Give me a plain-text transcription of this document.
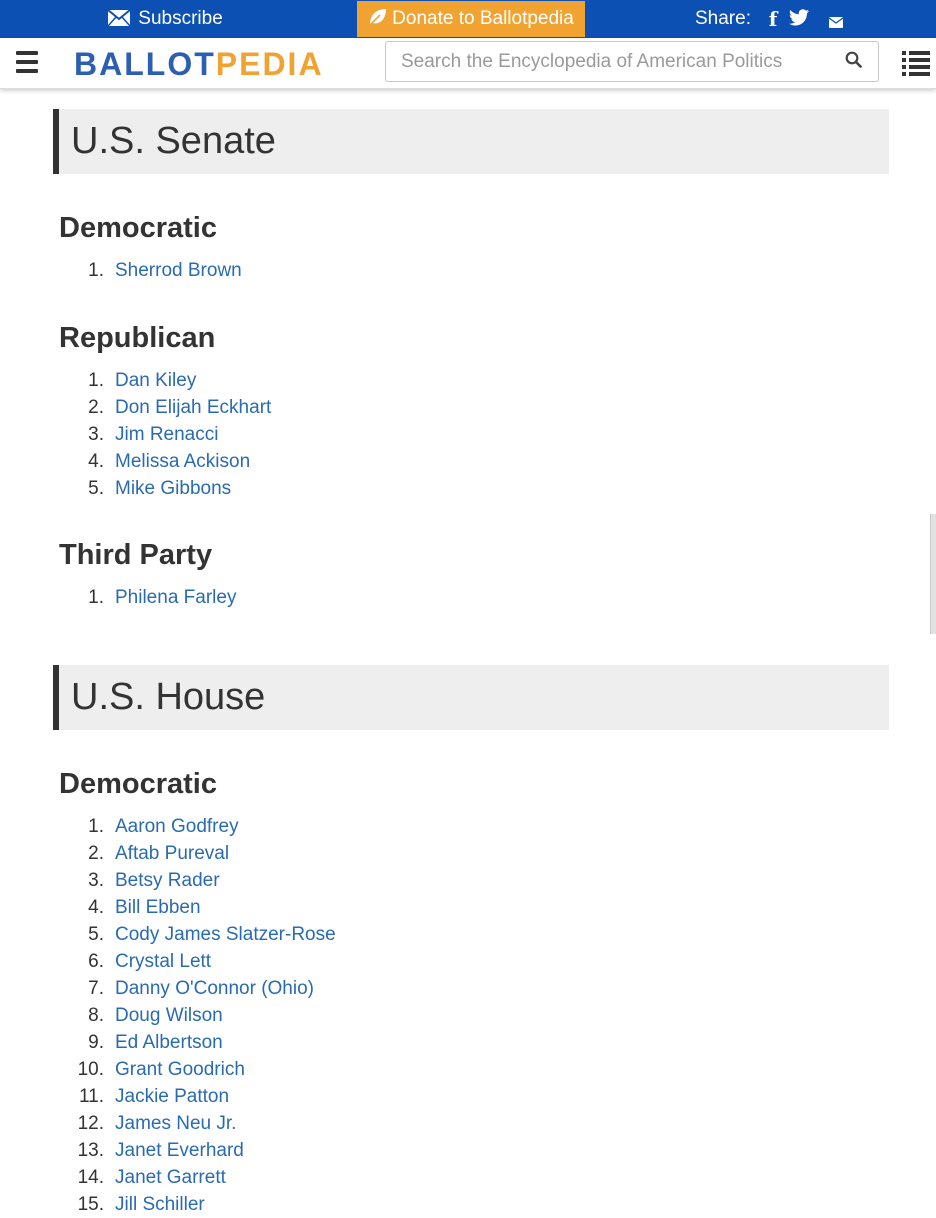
Subscribe	Donate to Ballotpedia	Share: f
BALLOTPEDIA
Search the Encyclopedia of American Politics
U.S. Senate
Democratic
1. Sherrod Brown
Republican
1. Dan Kiley
2. Don Elijah Eckhart
3. Jim Renacci
4. Melissa Ackison
5. Mike Gibbons
Third Party
1. Philena Farley
U.S. House
Democratic
1. Aaron Godfrey
2. Aftab Pureval
3. Betsy Rader
4. Bill Ebben
5. Cody James Slatzer-Rose
6. Crystal Lett
7. Danny O'Connor (Ohio)
8. Doug Wilson
9. Ed Albertson
10. Grant Goodrich
11. Jackie Patton
12. James Neu Jr.
13. Janet Everhard
14. Janet Garrett
15. Jill Schiller
